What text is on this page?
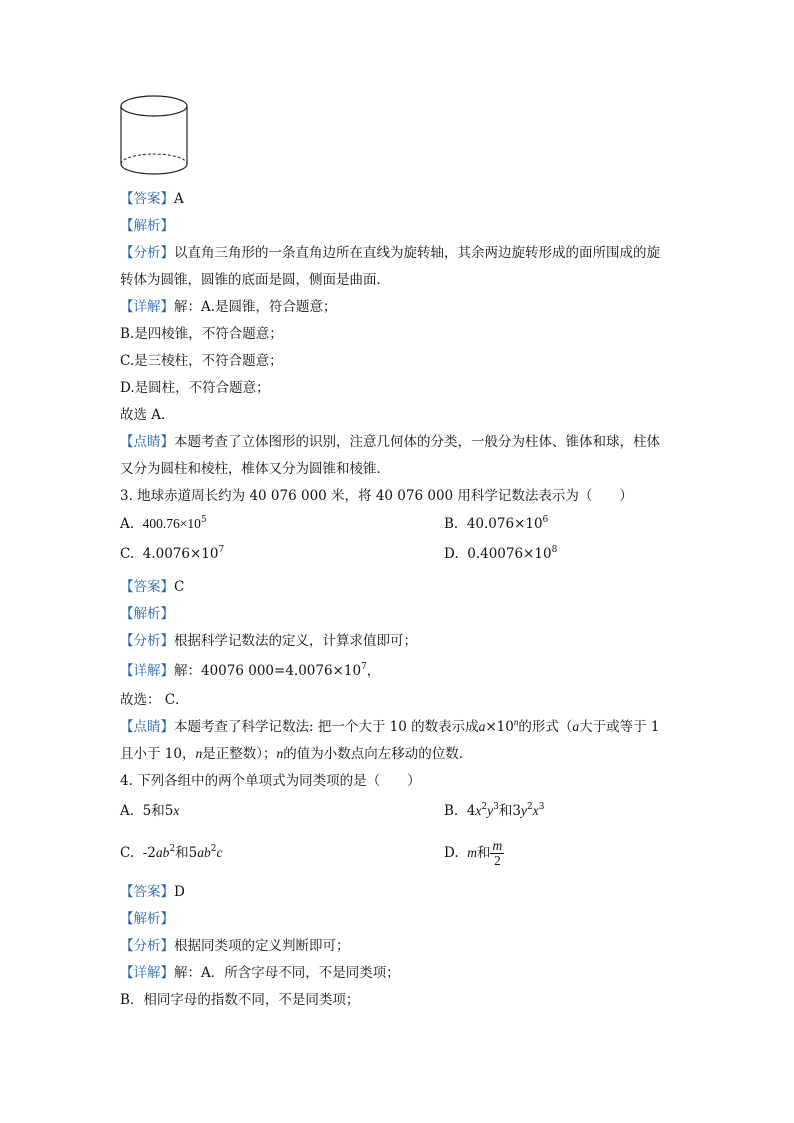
【答案】A
【解析】
【分析】以直角三角形的一条直角边所在直线为旋转轴，其余两边旋转形成的面所围成的旋
转体为圆锥，圆锥的底面是圆，侧面是曲面．
【详解】解：A.是圆锥，符合题意；
B.是四棱锥，不符合题意；
C.是三棱柱，不符合题意；
D.是圆柱，不符合题意；
故选 A．
【点睛】本题考查了立体图形的识别，注意几何体的分类，一般分为柱体、锥体和球，柱体
又分为圆柱和棱柱，椎体又分为圆锥和棱锥．
3. 地球赤道周长约为 40 076 000 米，将 40 076 000 用科学记数法表示为（　　）
A. $400.76\times 10^5$	B. $40.076\times 10^6$
C. $4.0076\times 10^7$	D. $0.40076\times 10^8$
【答案】C
【解析】
【分析】根据科学记数法的定义，计算求值即可；
【详解】解：40076 $000=4.0076\times 10^7$，
故选： C．
【点睛】本题考查了科学记数法: 把一个大于 10 的数表示成$a\times 10^n$的形式（a大于或等于 1
且小于 10，n是正整数）；n的值为小数点向左移动的位数．
4. 下列各组中的两个单项式为同类项的是（　　）
A. 5和5x	B. $4x^2y^3$和$3y^2x^3$
C. $-2ab^2$和$5ab^2c$	D. m和 $\frac{m}{2}$
【答案】D
【解析】
【分析】根据同类项的定义判断即可；
【详解】解：A．所含字母不同，不是同类项；
B．相同字母的指数不同，不是同类项；
